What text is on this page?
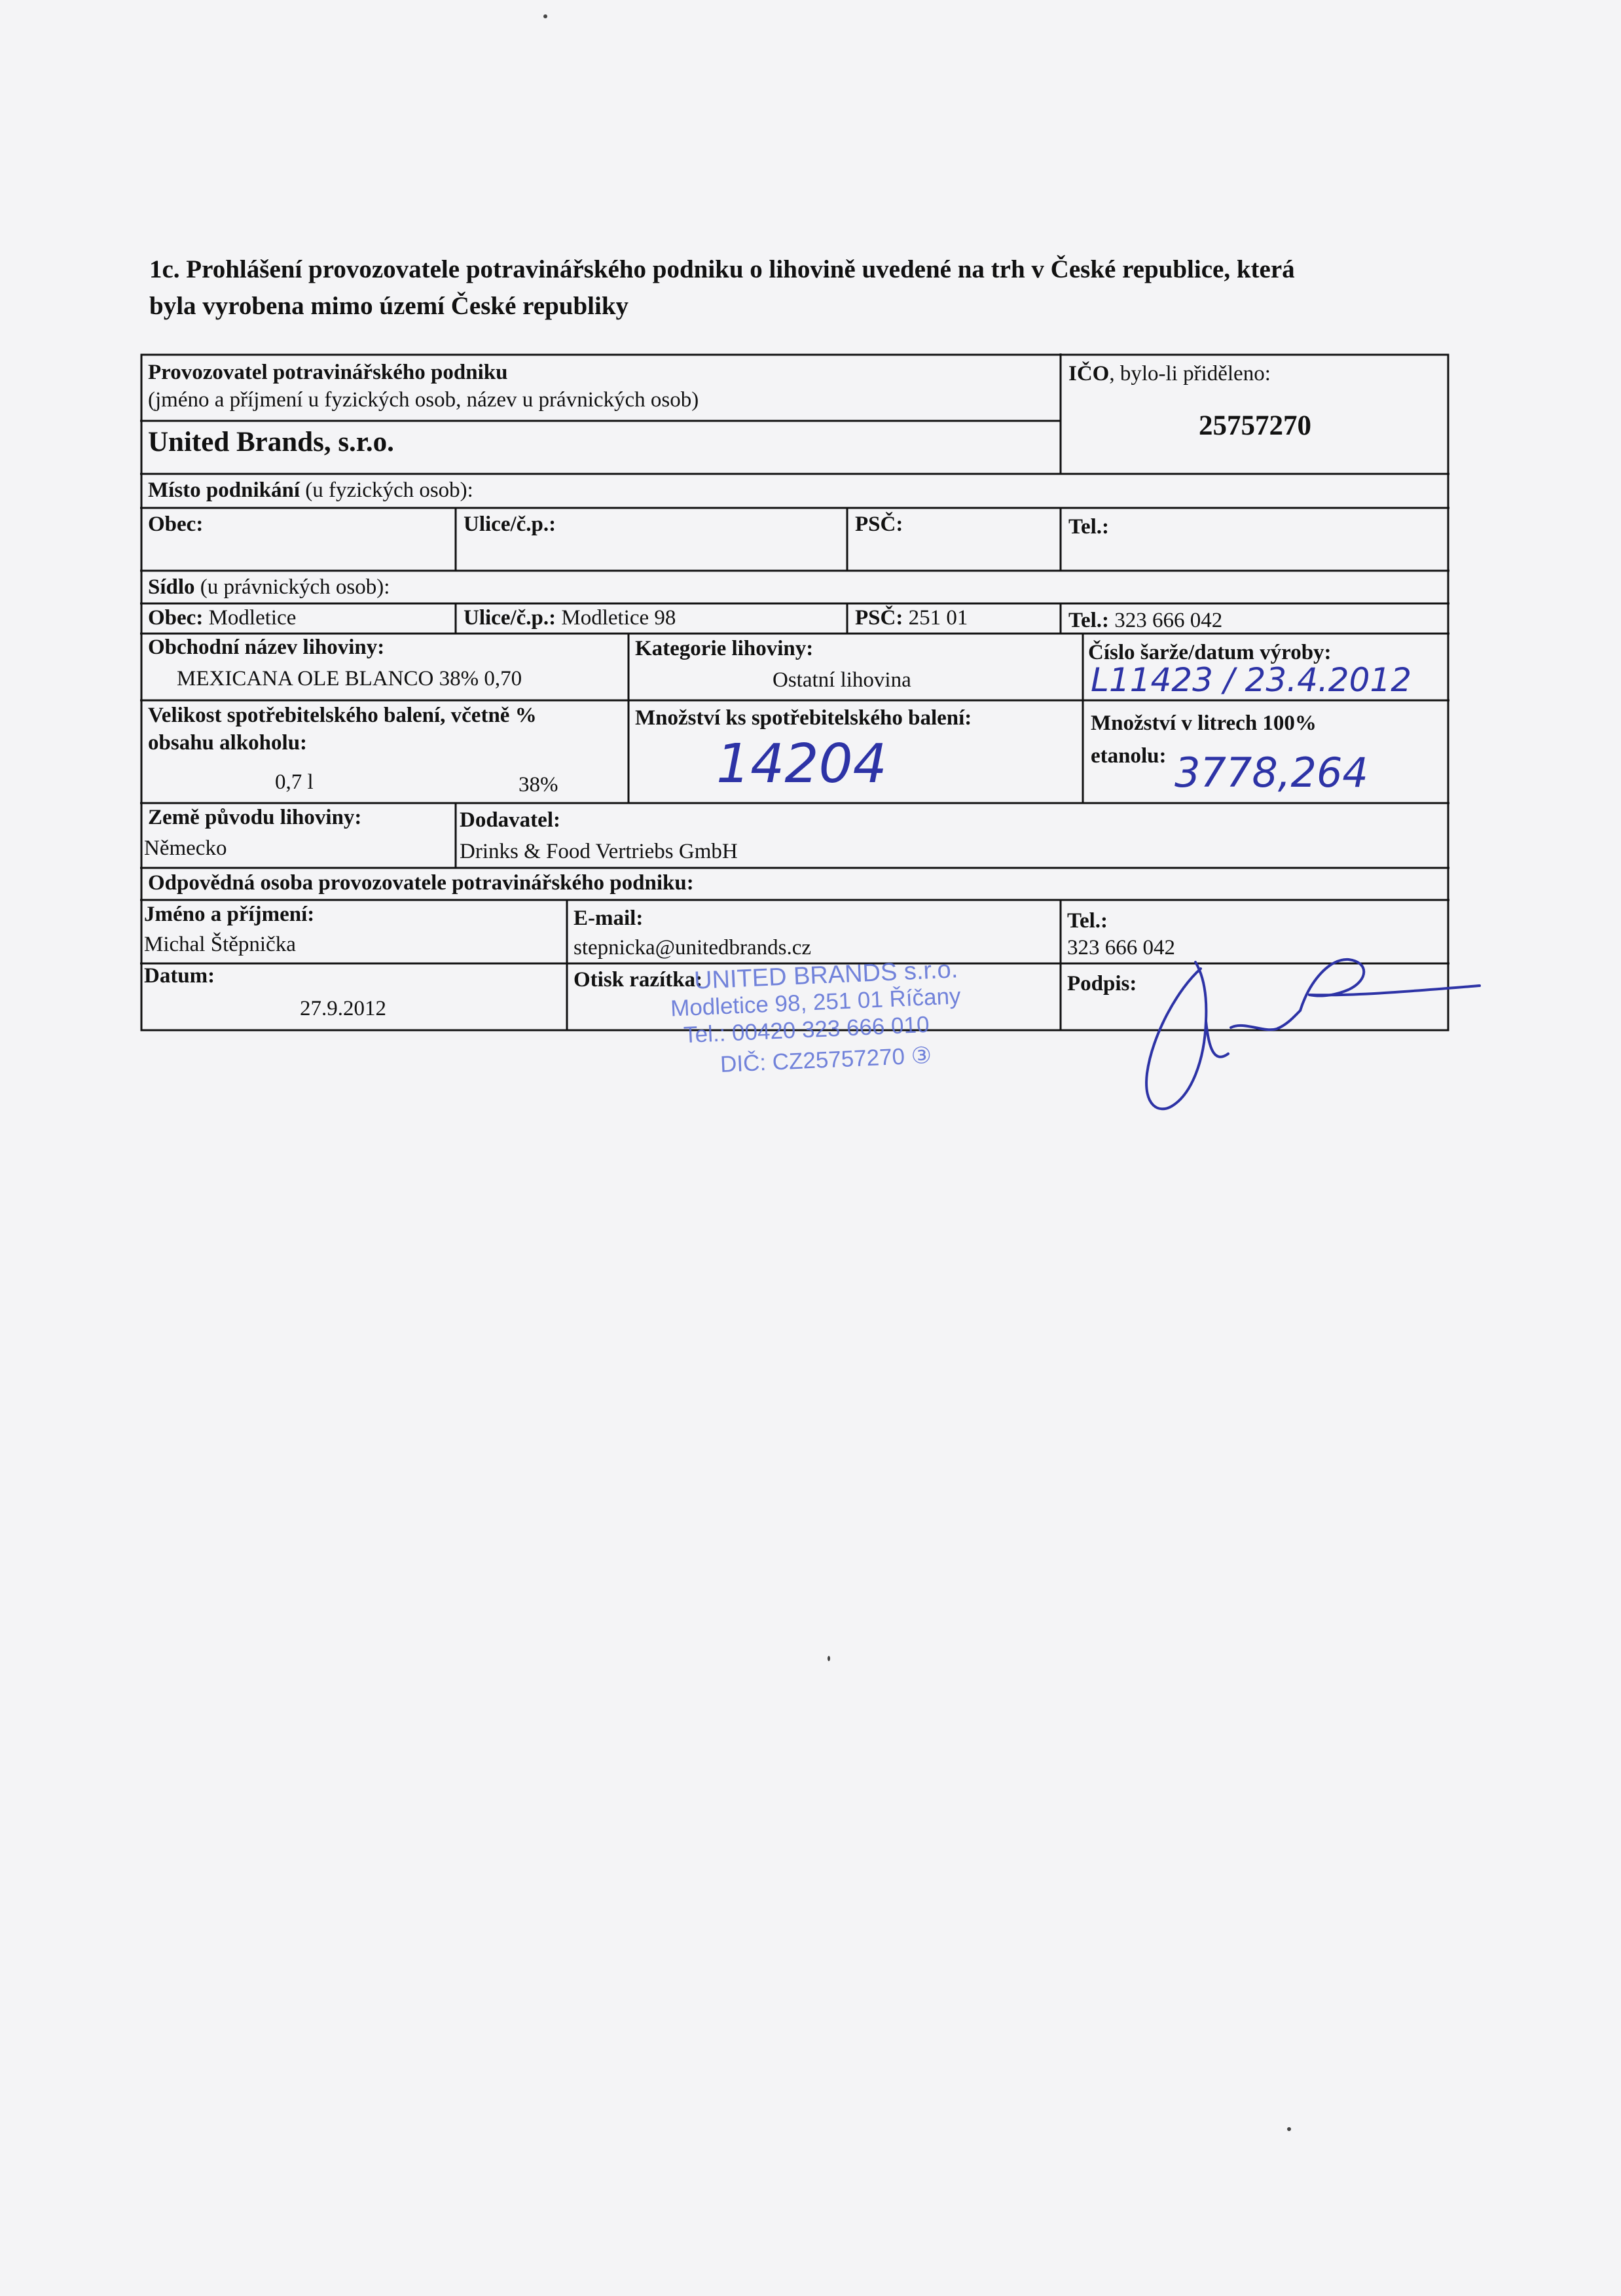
1c. Prohlášení provozovatele potravinářského podniku o lihovině uvedené na trh v České republice, která
byla vyrobena mimo území České republiky
Provozovatel potravinářského podniku
(jméno a příjmení u fyzických osob, název u právnických osob)
United Brands, s.r.o.
IČO, bylo-li přiděleno:
25757270
Místo podnikání (u fyzických osob):
Obec:	Ulice/č.p.:	PSČ:	Tel.:
Sídlo (u právnických osob):
Obec: Modletice	Ulice/č.p.: Modletice 98	PSČ: 251 01	Tel.: 323 666 042
Obchodní název lihoviny:
MEXICANA OLE BLANCO 38% 0,70
Kategorie lihoviny:
Ostatní lihovina
Číslo šarže/datum výroby:
L11423 / 23.4.2012
Velikost spotřebitelského balení, včetně %
obsahu alkoholu:
0,7 l	38%
Množství ks spotřebitelského balení:
14204
Množství v litrech 100%
etanolu: 3778,264
Země původu lihoviny:
Německo
Dodavatel:
Drinks & Food Vertriebs GmbH
Odpovědná osoba provozovatele potravinářského podniku:
Jméno a příjmení:
Michal Štěpnička
E-mail:
stepnicka@unitedbrands.cz
Tel.:
323 666 042
Datum:
27.9.2012
Otisk razítka:	Podpis:
UNITED BRANDS s.r.o.
Modletice 98, 251 01 Říčany
Tel.: 00420 323 666 010
DIČ: CZ25757270 ③
